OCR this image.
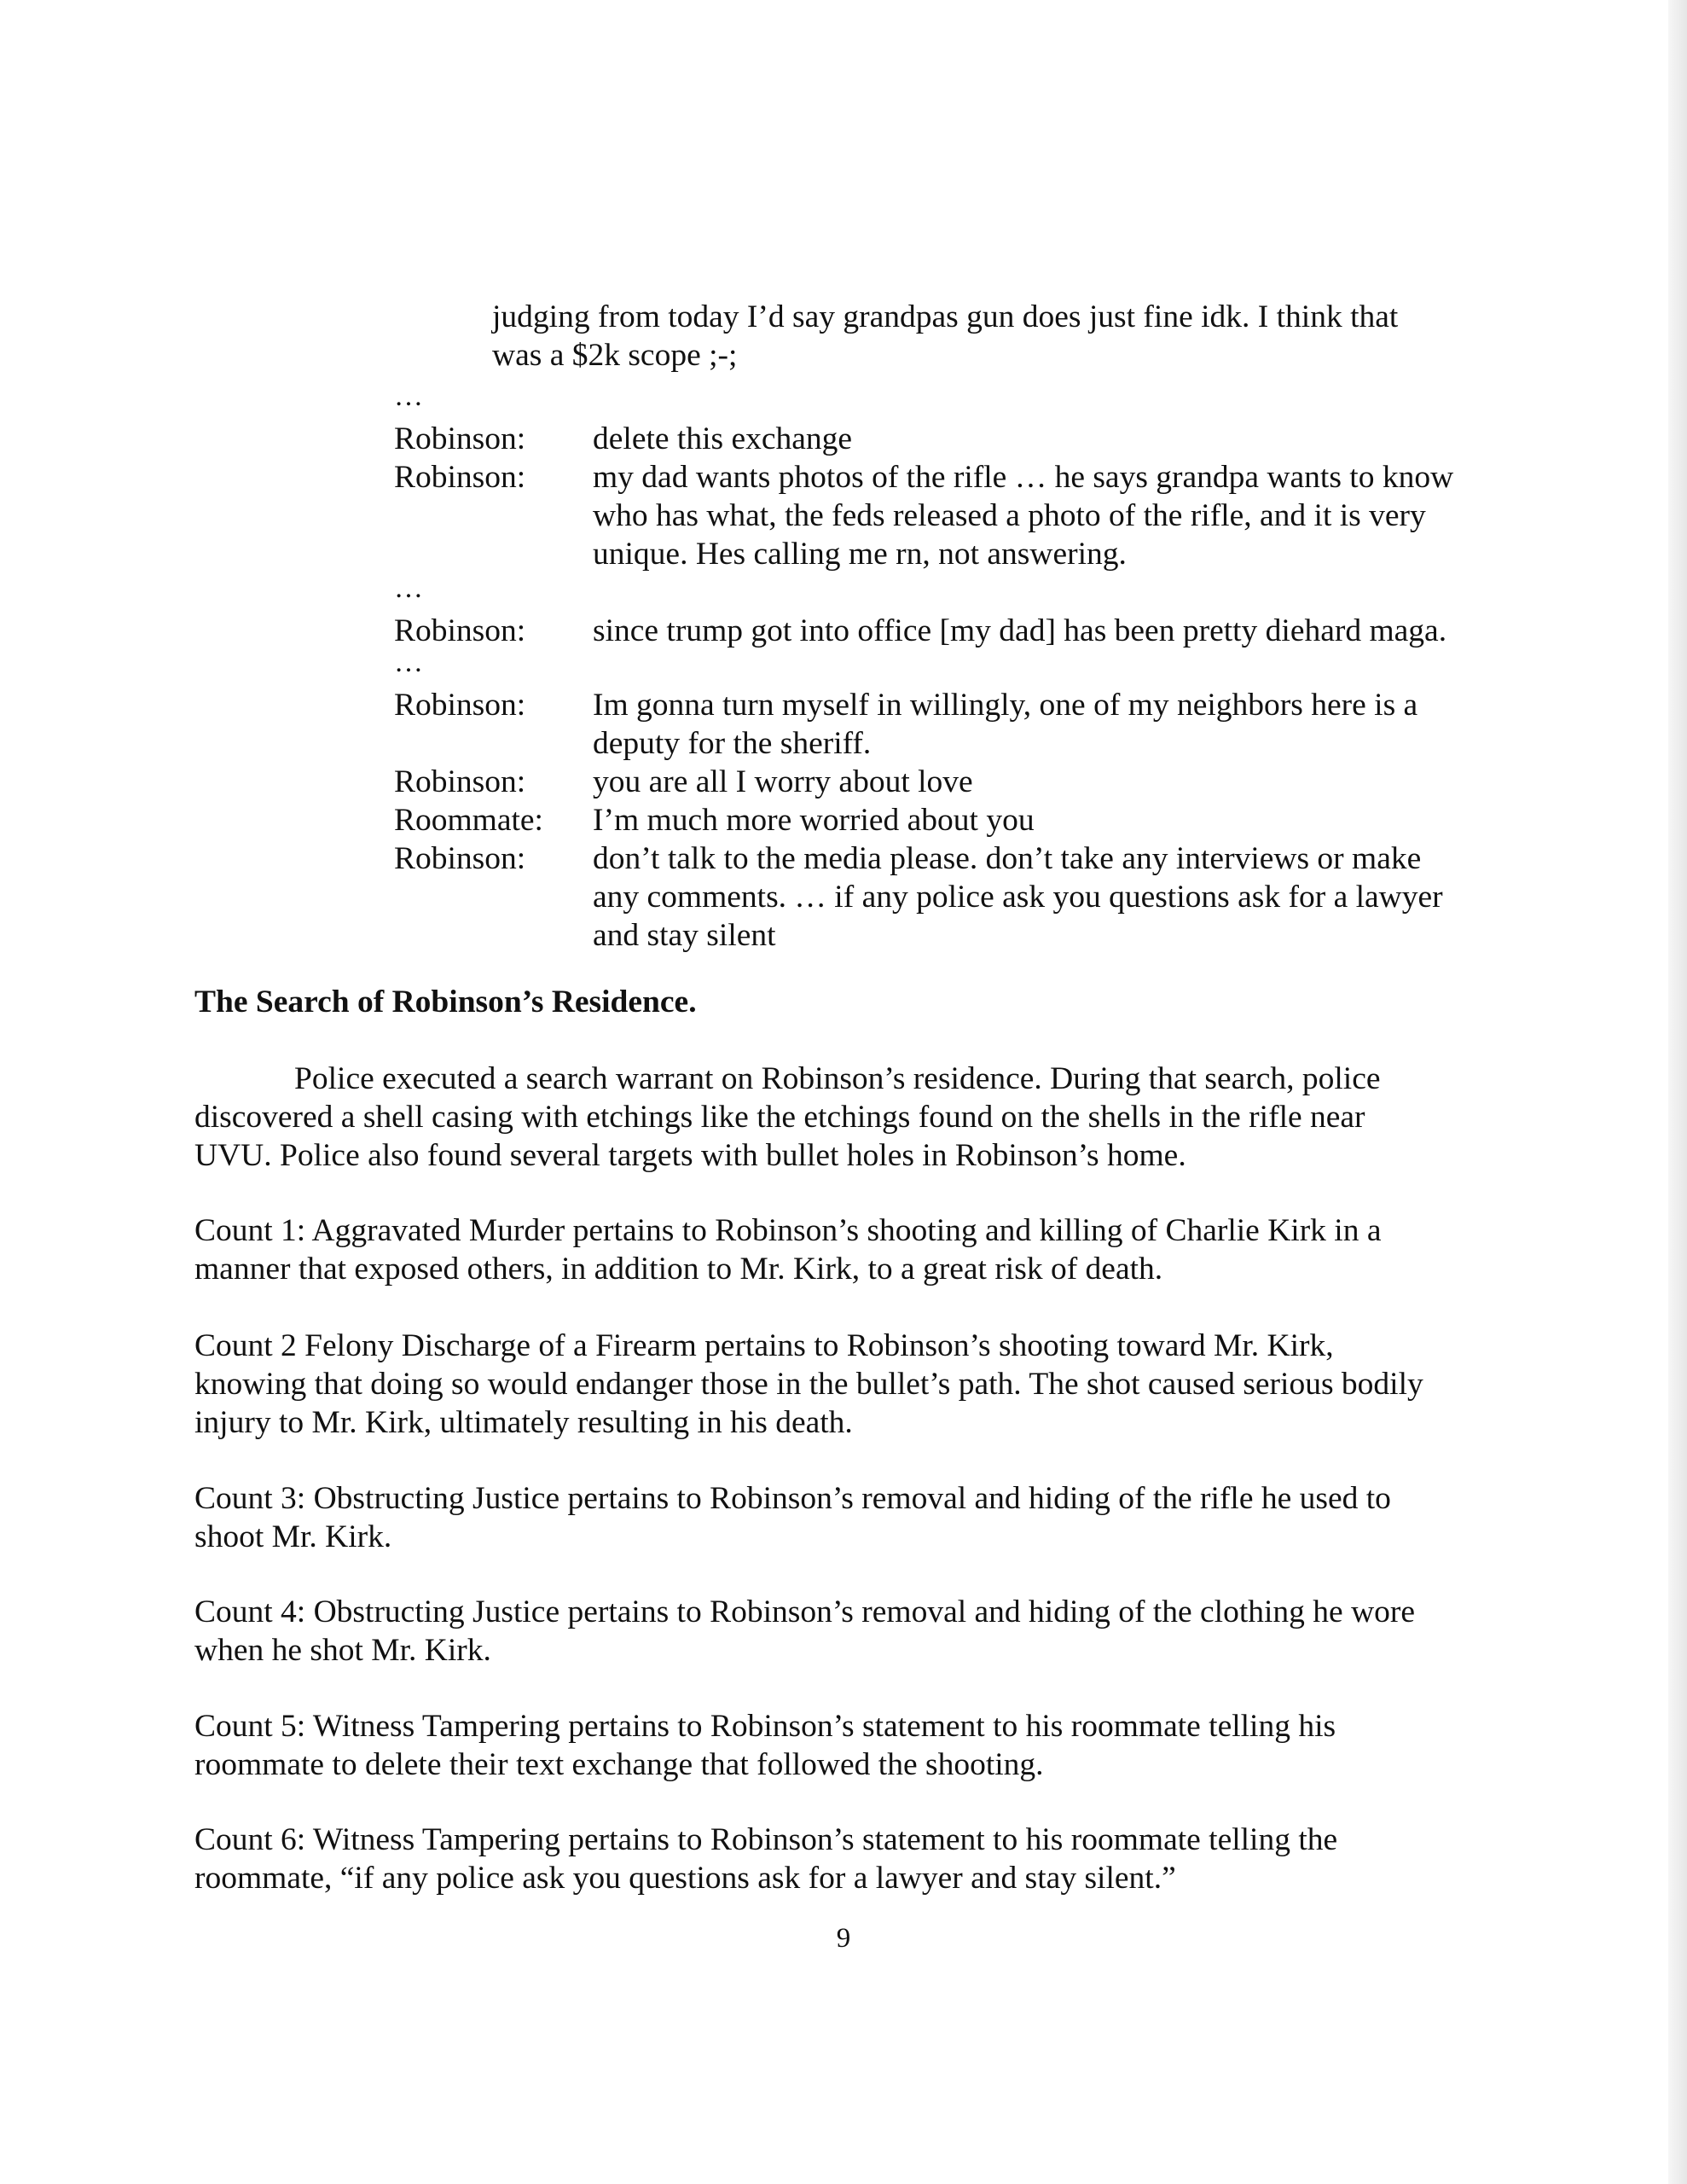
judging from today I’d say grandpas gun does just fine idk. I think that
was a $2k scope ;-;
…
Robinson:	delete this exchange
Robinson:	my dad wants photos of the rifle … he says grandpa wants to know
who has what, the feds released a photo of the rifle, and it is very
unique. Hes calling me rn, not answering.
…
Robinson:	since trump got into office [my dad] has been pretty diehard maga.
…
Robinson:	Im gonna turn myself in willingly, one of my neighbors here is a
deputy for the sheriff.
Robinson:	you are all I worry about love
Roommate:	I’m much more worried about you
Robinson:	don’t talk to the media please. don’t take any interviews or make
any comments. … if any police ask you questions ask for a lawyer
and stay silent
The Search of Robinson’s Residence.
Police executed a search warrant on Robinson’s residence. During that search, police
discovered a shell casing with etchings like the etchings found on the shells in the rifle near
UVU. Police also found several targets with bullet holes in Robinson’s home.
Count 1: Aggravated Murder pertains to Robinson’s shooting and killing of Charlie Kirk in a
manner that exposed others, in addition to Mr. Kirk, to a great risk of death.
Count 2 Felony Discharge of a Firearm pertains to Robinson’s shooting toward Mr. Kirk,
knowing that doing so would endanger those in the bullet’s path. The shot caused serious bodily
injury to Mr. Kirk, ultimately resulting in his death.
Count 3: Obstructing Justice pertains to Robinson’s removal and hiding of the rifle he used to
shoot Mr. Kirk.
Count 4: Obstructing Justice pertains to Robinson’s removal and hiding of the clothing he wore
when he shot Mr. Kirk.
Count 5: Witness Tampering pertains to Robinson’s statement to his roommate telling his
roommate to delete their text exchange that followed the shooting.
Count 6: Witness Tampering pertains to Robinson’s statement to his roommate telling the
roommate, “if any police ask you questions ask for a lawyer and stay silent.”
9
